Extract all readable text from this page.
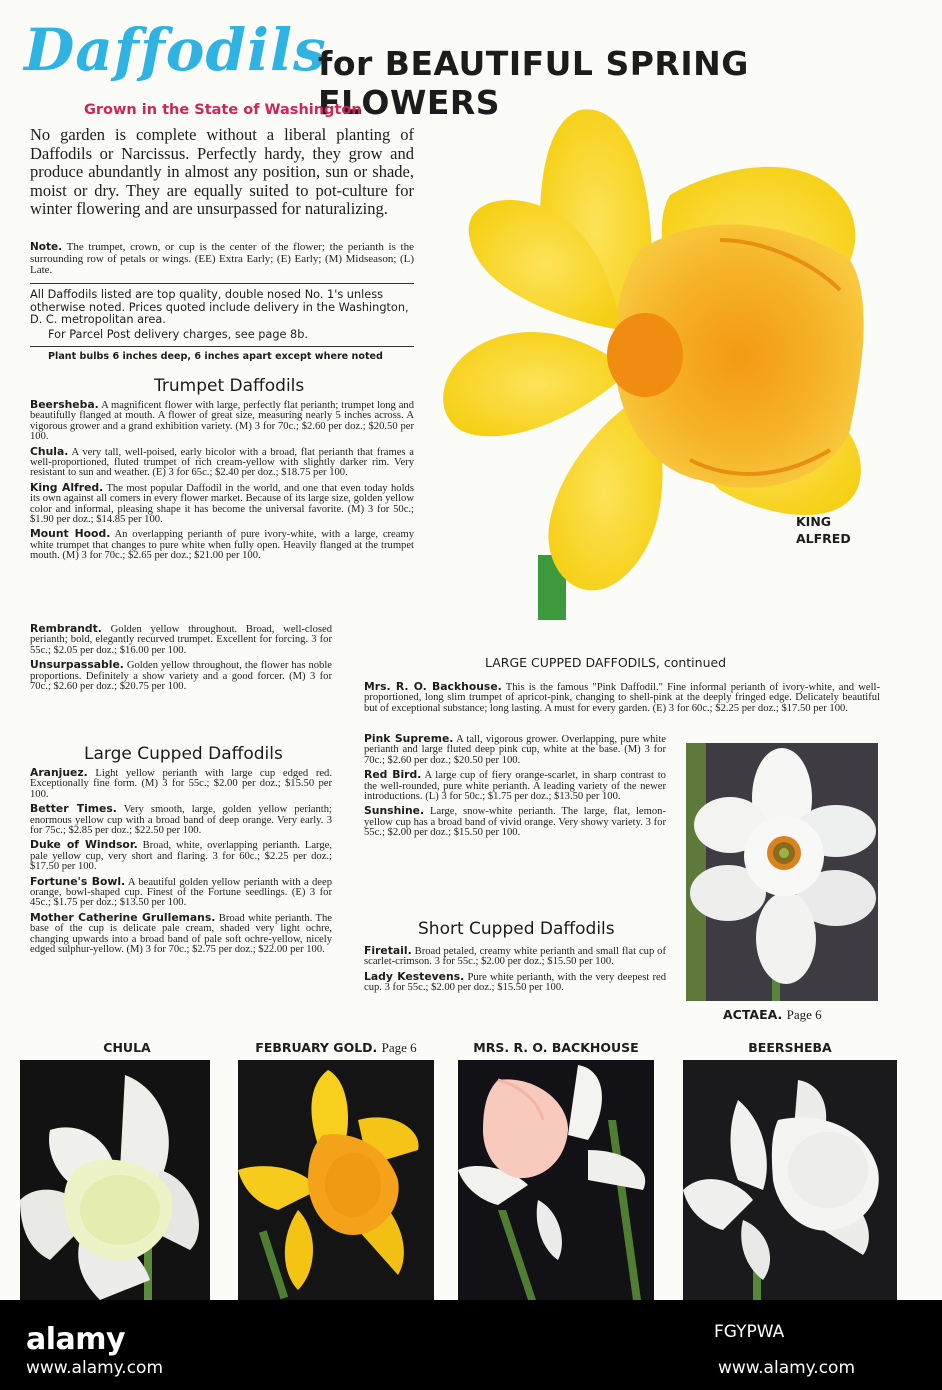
Daffodils
for BEAUTIFUL SPRING FLOWERS
Grown in the State of Washington
No garden is complete without a liberal planting of Daffodils or Narcissus. Perfectly hardy, they grow and produce abundantly in almost any position, sun or shade, moist or dry. They are equally suited to pot-culture for winter flowering and are unsurpassed for naturalizing.
Note. The trumpet, crown, or cup is the center of the flower; the perianth is the surrounding row of petals or wings. (EE) Extra Early; (E) Early; (M) Midseason; (L) Late.
All Daffodils listed are top quality, double nosed No. 1's unless otherwise noted. Prices quoted include delivery in the Washington, D. C. metropolitan area.
For Parcel Post delivery charges, see page 8b.
Plant bulbs 6 inches deep, 6 inches apart except where noted
Trumpet Daffodils
Beersheba. A magnificent flower with large, perfectly flat perianth; trumpet long and beautifully flanged at mouth. A flower of great size, measuring nearly 5 inches across. A vigorous grower and a grand exhibition variety. (M) 3 for 70c.; $2.60 per doz.; $20.50 per 100.
Chula. A very tall, well-poised, early bicolor with a broad, flat perianth that frames a well-proportioned, fluted trumpet of rich cream-yellow with slightly darker rim. Very resistant to sun and weather. (E) 3 for 65c.; $2.40 per doz.; $18.75 per 100.
King Alfred. The most popular Daffodil in the world, and one that even today holds its own against all comers in every flower market. Because of its large size, golden yellow color and informal, pleasing shape it has become the universal favorite. (M) 3 for 50c.; $1.90 per doz.; $14.85 per 100.
Mount Hood. An overlapping perianth of pure ivory-white, with a large, creamy white trumpet that changes to pure white when fully open. Heavily flanged at the trumpet mouth. (M) 3 for 70c.; $2.65 per doz.; $21.00 per 100.
Rembrandt. Golden yellow throughout. Broad, well-closed perianth; bold, elegantly recurved trumpet. Excellent for forcing. 3 for 55c.; $2.05 per doz.; $16.00 per 100.
Unsurpassable. Golden yellow throughout, the flower has noble proportions. Definitely a show variety and a good forcer. (M) 3 for 70c.; $2.60 per doz.; $20.75 per 100.
Large Cupped Daffodils
Aranjuez. Light yellow perianth with large cup edged red. Exceptionally fine form. (M) 3 for 55c.; $2.00 per doz.; $15.50 per 100.
Better Times. Very smooth, large, golden yellow perianth; enormous yellow cup with a broad band of deep orange. Very early. 3 for 75c.; $2.85 per doz.; $22.50 per 100.
Duke of Windsor. Broad, white, overlapping perianth. Large, pale yellow cup, very short and flaring. 3 for 60c.; $2.25 per doz.; $17.50 per 100.
Fortune's Bowl. A beautiful golden yellow perianth with a deep orange, bowl-shaped cup. Finest of the Fortune seedlings. (E) 3 for 45c.; $1.75 per doz.; $13.50 per 100.
Mother Catherine Grullemans. Broad white perianth. The base of the cup is delicate pale cream, shaded very light ochre, changing upwards into a broad band of pale soft ochre-yellow, nicely edged sulphur-yellow. (M) 3 for 70c.; $2.75 per doz.; $22.00 per 100.
KING
ALFRED
LARGE CUPPED DAFFODILS, continued
Mrs. R. O. Backhouse. This is the famous "Pink Daffodil." Fine informal perianth of ivory-white, and well-proportioned, long slim trumpet of apricot-pink, changing to shell-pink at the deeply fringed edge. Delicately beautiful but of exceptional substance; long lasting. A must for every garden. (E) 3 for 60c.; $2.25 per doz.; $17.50 per 100.
Pink Supreme. A tall, vigorous grower. Overlapping, pure white perianth and large fluted deep pink cup, white at the base. (M) 3 for 70c.; $2.60 per doz.; $20.50 per 100.
Red Bird. A large cup of fiery orange-scarlet, in sharp contrast to the well-rounded, pure white perianth. A leading variety of the newer introductions. (L) 3 for 50c.; $1.75 per doz.; $13.50 per 100.
Sunshine. Large, snow-white perianth. The large, flat, lemon-yellow cup has a broad band of vivid orange. Very showy variety. 3 for 55c.; $2.00 per doz.; $15.50 per 100.
Short Cupped Daffodils
Firetail. Broad petaled, creamy white perianth and small flat cup of scarlet-crimson. 3 for 55c.; $2.00 per doz.; $15.50 per 100.
Lady Kestevens. Pure white perianth, with the very deepest red cup. 3 for 55c.; $2.00 per doz.; $15.50 per 100.
ACTAEA. Page 6
CHULA	FEBRUARY GOLD. Page 6	MRS. R. O. BACKHOUSE	BEERSHEBA
alamy	FGYPWA
www.alamy.com	www.alamy.com
